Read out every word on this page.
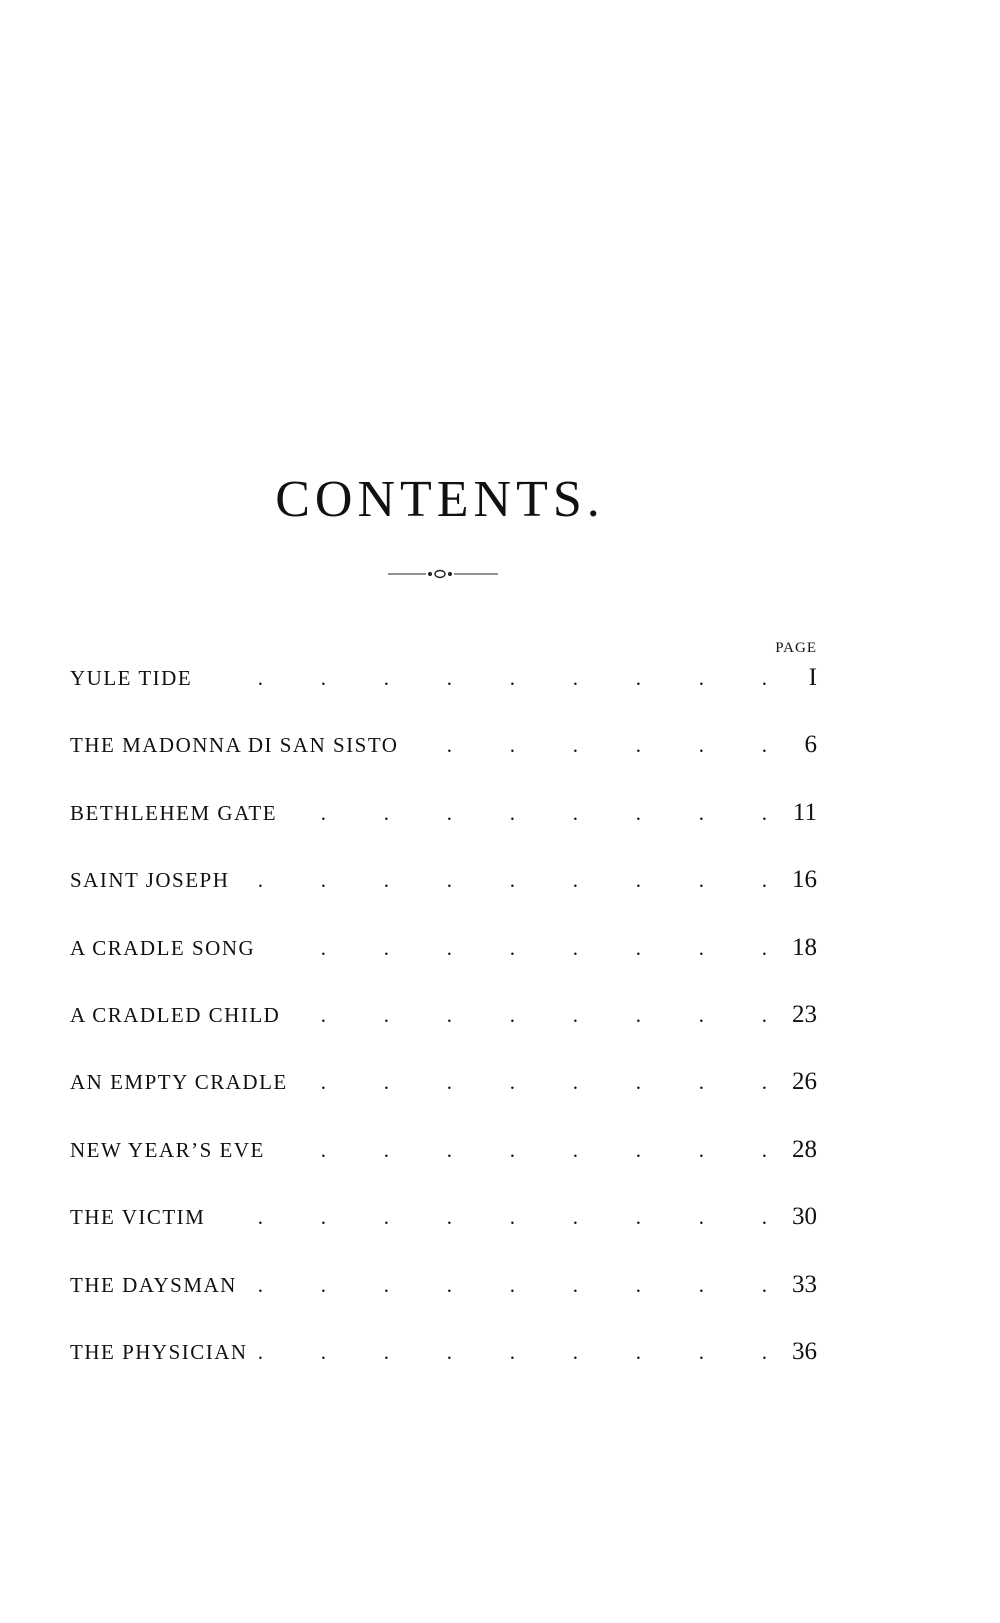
CONTENTS.
PAGE
YULE TIDE .	I
THE MADONNA DI SAN SISTO .	6
BETHLEHEM GATE .	11
SAINT JOSEPH .	16
A CRADLE SONG .	18
A CRADLED CHILD .	23
AN EMPTY CRADLE .	26
NEW YEAR’S EVE .	28
THE VICTIM .	30
THE DAYSMAN .	33
THE PHYSICIAN .	36
